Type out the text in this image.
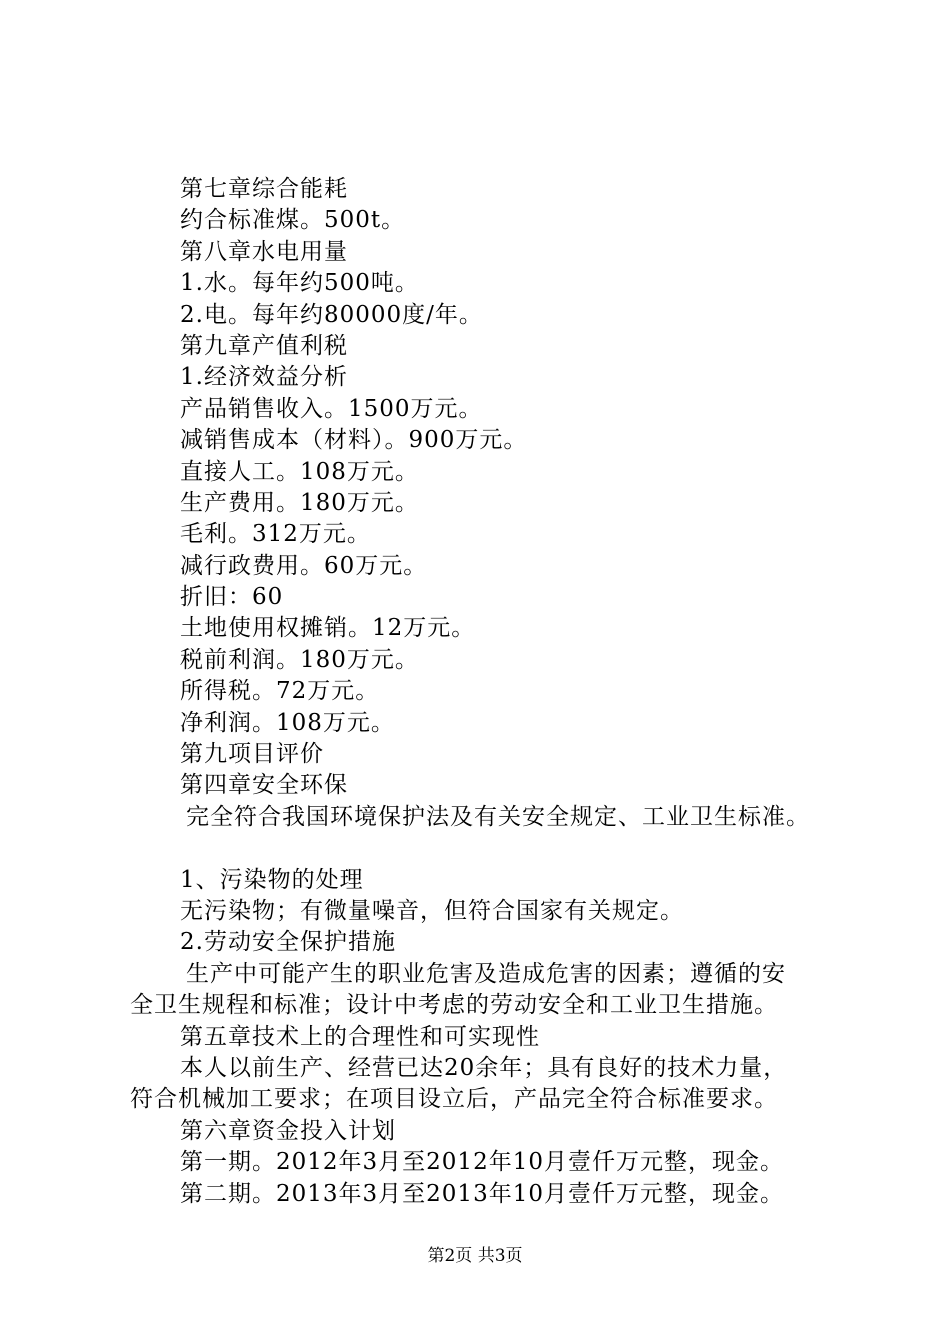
第七章综合能耗
约合标准煤。500t。
第八章水电用量
1.水。每年约500吨。
2.电。每年约80000度/年。
第九章产值利税
1.经济效益分析
产品销售收入。1500万元。
减销售成本（材料）。900万元。
直接人工。108万元。
生产费用。180万元。
毛利。312万元。
减行政费用。60万元。
折旧：60
土地使用权摊销。12万元。
税前利润。180万元。
所得税。72万元。
净利润。108万元。
第九项目评价
第四章安全环保
完全符合我国环境保护法及有关安全规定、工业卫生标准。
1、污染物的处理
无污染物；有微量噪音，但符合国家有关规定。
2.劳动安全保护措施
生产中可能产生的职业危害及造成危害的因素；遵循的安
全卫生规程和标准；设计中考虑的劳动安全和工业卫生措施。
第五章技术上的合理性和可实现性
本人以前生产、经营已达20余年；具有良好的技术力量，
符合机械加工要求；在项目设立后，产品完全符合标准要求。
第六章资金投入计划
第一期。2012年3月至2012年10月壹仟万元整，现金。
第二期。2013年3月至2013年10月壹仟万元整，现金。
第2页 共3页
